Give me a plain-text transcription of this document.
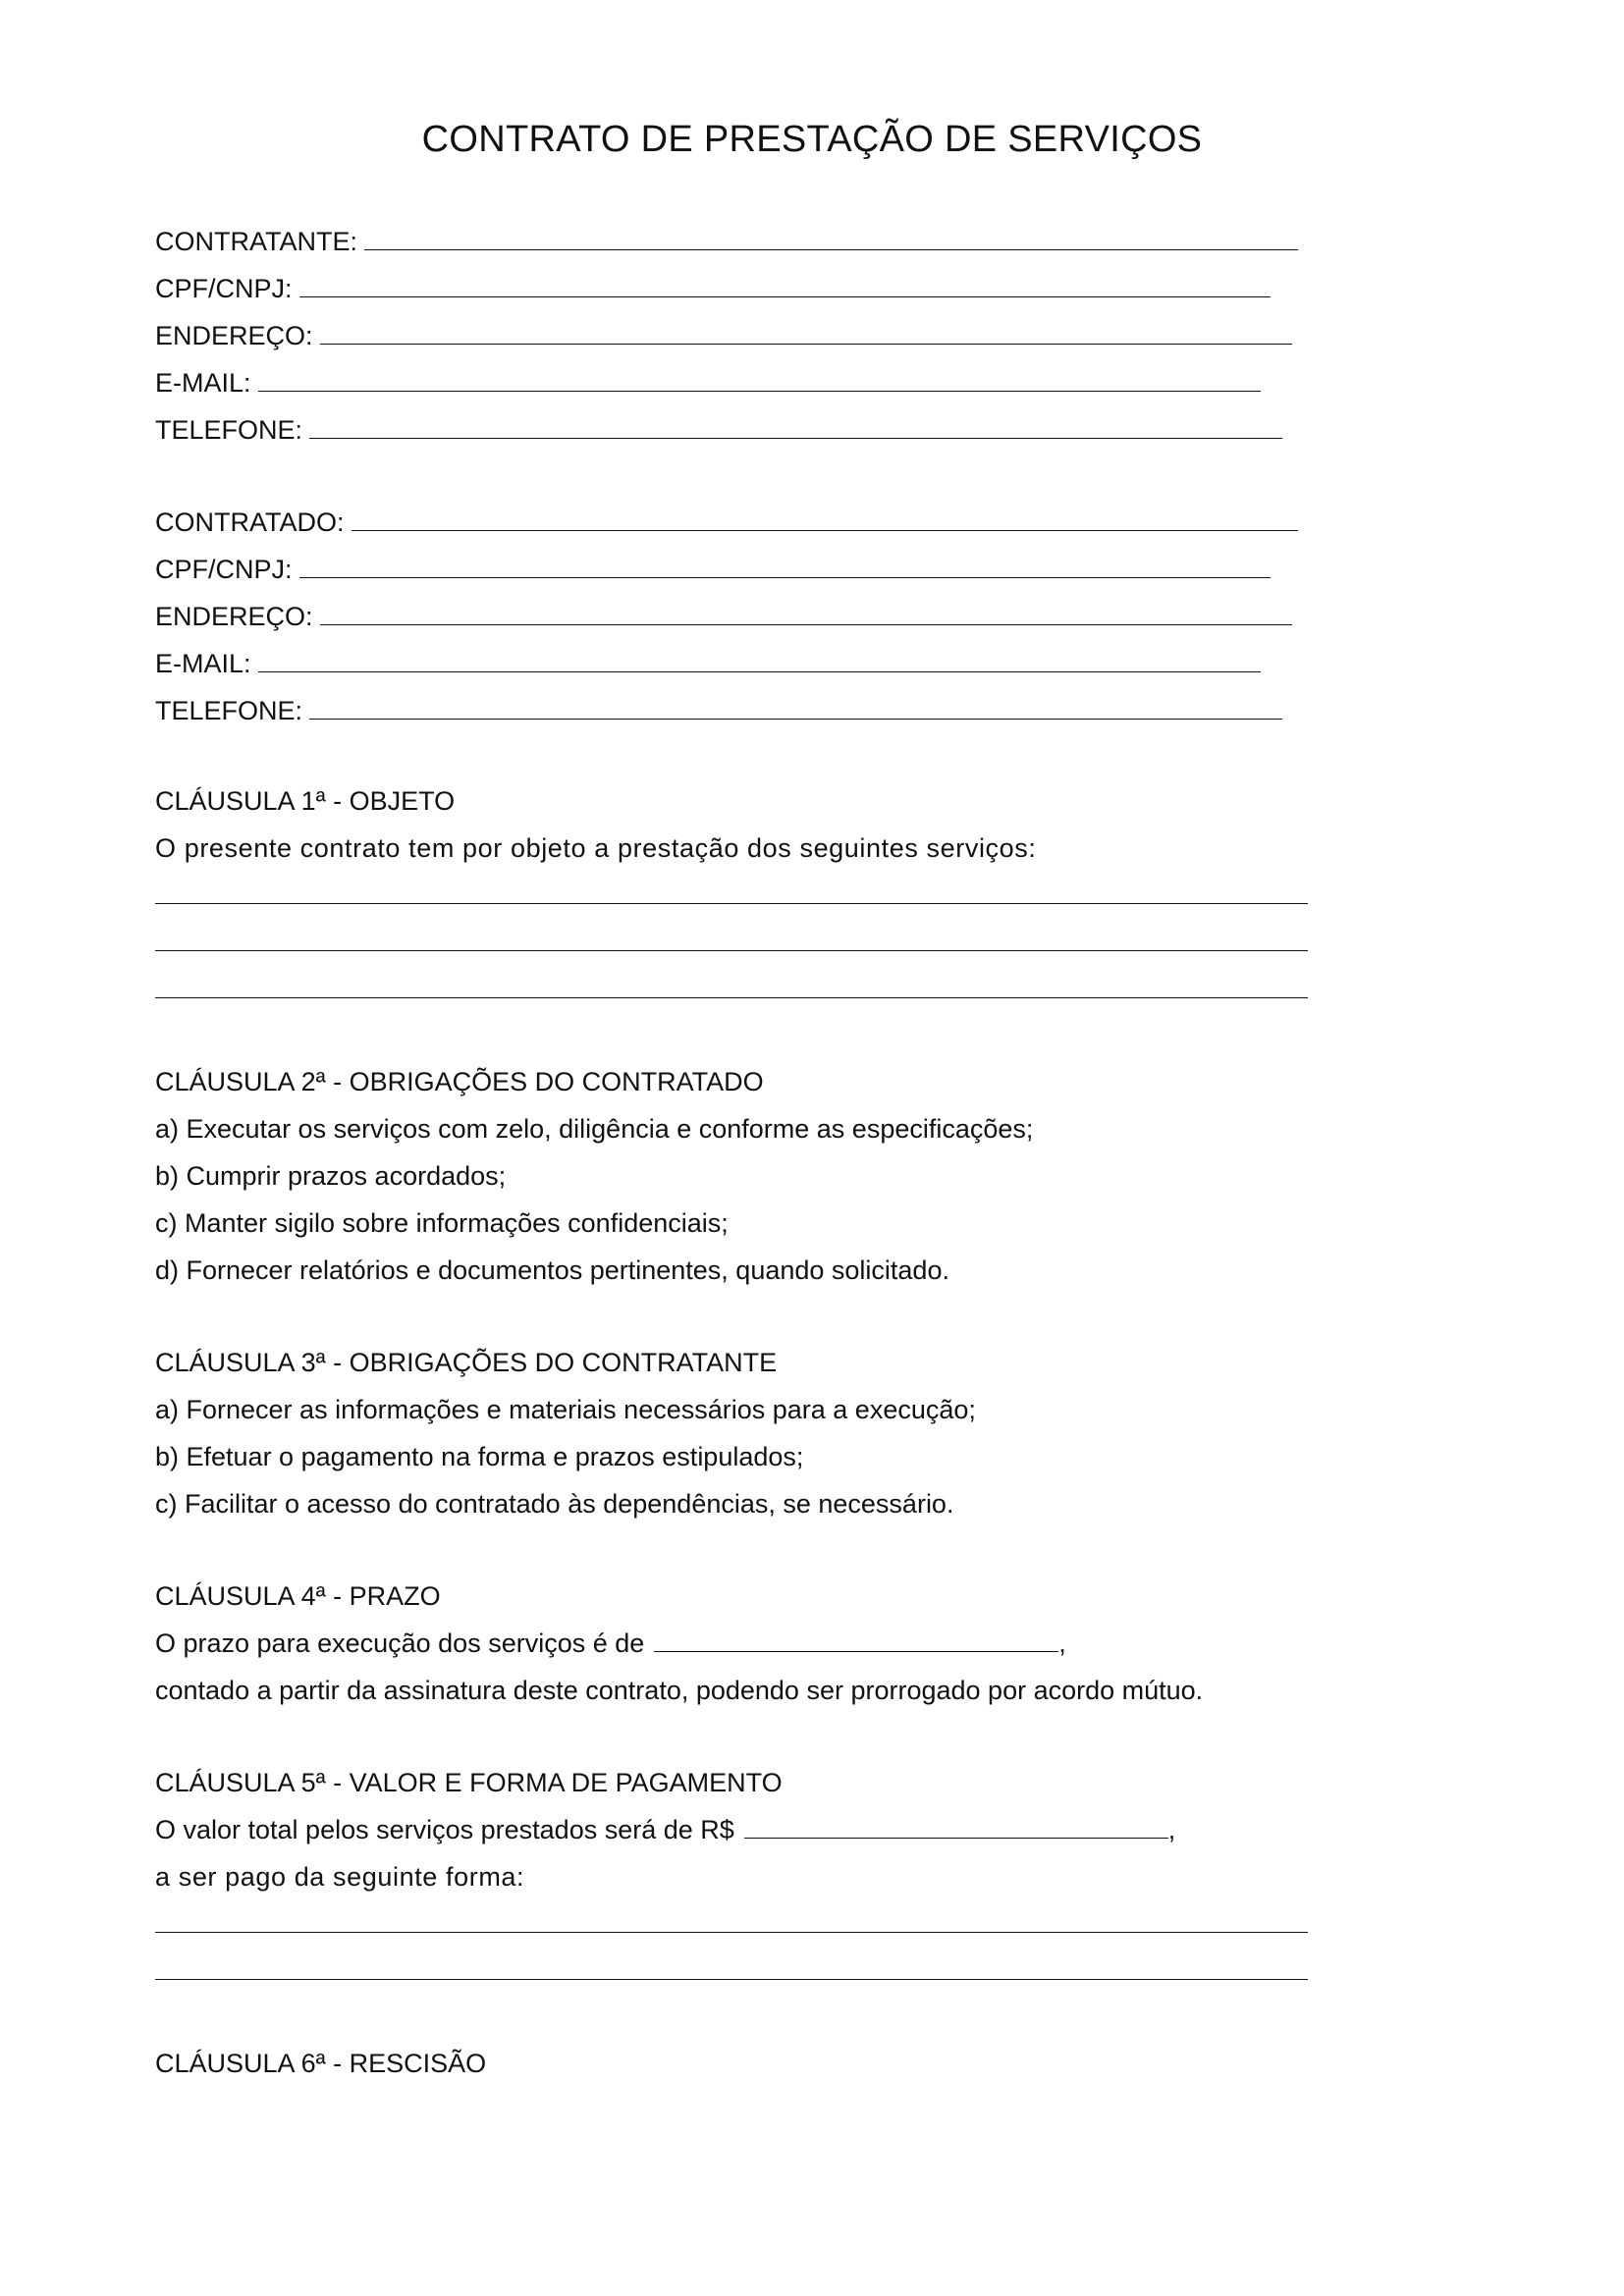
CONTRATO DE PRESTAÇÃO DE SERVIÇOS
CONTRATANTE:
CPF/CNPJ:
ENDEREÇO:
E-MAIL:
TELEFONE:
CONTRATADO:
CPF/CNPJ:
ENDEREÇO:
E-MAIL:
TELEFONE:
CLÁUSULA 1ª - OBJETO
O presente contrato tem por objeto a prestação dos seguintes serviços:
CLÁUSULA 2ª - OBRIGAÇÕES DO CONTRATADO
a) Executar os serviços com zelo, diligência e conforme as especificações;
b) Cumprir prazos acordados;
c) Manter sigilo sobre informações confidenciais;
d) Fornecer relatórios e documentos pertinentes, quando solicitado.
CLÁUSULA 3ª - OBRIGAÇÕES DO CONTRATANTE
a) Fornecer as informações e materiais necessários para a execução;
b) Efetuar o pagamento na forma e prazos estipulados;
c) Facilitar o acesso do contratado às dependências, se necessário.
CLÁUSULA 4ª - PRAZO
O prazo para execução dos serviços é de	,
contado a partir da assinatura deste contrato, podendo ser prorrogado por acordo mútuo.
CLÁUSULA 5ª - VALOR E FORMA DE PAGAMENTO
O valor total pelos serviços prestados será de R$	,
a ser pago da seguinte forma:
CLÁUSULA 6ª - RESCISÃO
